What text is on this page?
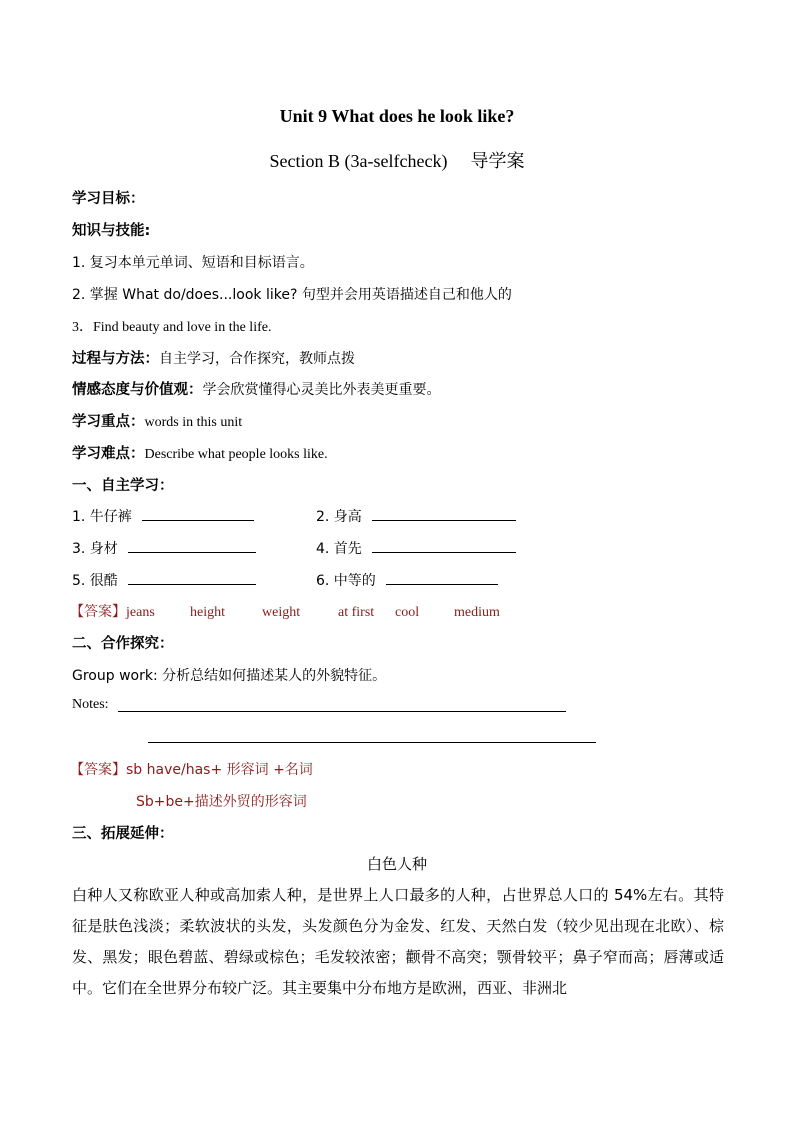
Unit 9 What does he look like?
Section B (3a-selfcheck) 导学案
学习目标：
知识与技能:
1. 复习本单元单词、短语和目标语言。
2. 掌握 What do/does...look like? 句型并会用英语描述自己和他人的
3．Find beauty and love in the life.
过程与方法：自主学习，合作探究，教师点拨
情感态度与价值观：学会欣赏懂得心灵美比外表美更重要。
学习重点：words in this unit
学习难点：Describe what people looks like.
一、自主学习：
1. 牛仔裤	2. 身高
3. 身材	4. 首先
5. 很酷	6. 中等的
【答案】jeans	height	weight	at first cool medium
二、合作探究：
Group work: 分析总结如何描述某人的外貌特征。
Notes:
【答案】sb have/has+ 形容词 +名词
Sb+be+描述外贸的形容词
三、拓展延伸：
白色人种
白种人又称欧亚人种或高加索人种，是世界上人口最多的人种，占世界总人口的 54%左右。其特征是肤色浅淡；柔软波状的头发，头发颜色分为金发、红发、天然白发（较少见出现在北欧）、棕发、黑发；眼色碧蓝、碧绿或棕色；毛发较浓密；颧骨不高突；颚骨较平；鼻子窄而高；唇薄或适中。它们在全世界分布较广泛。其主要集中分布地方是欧洲，西亚、非洲北
